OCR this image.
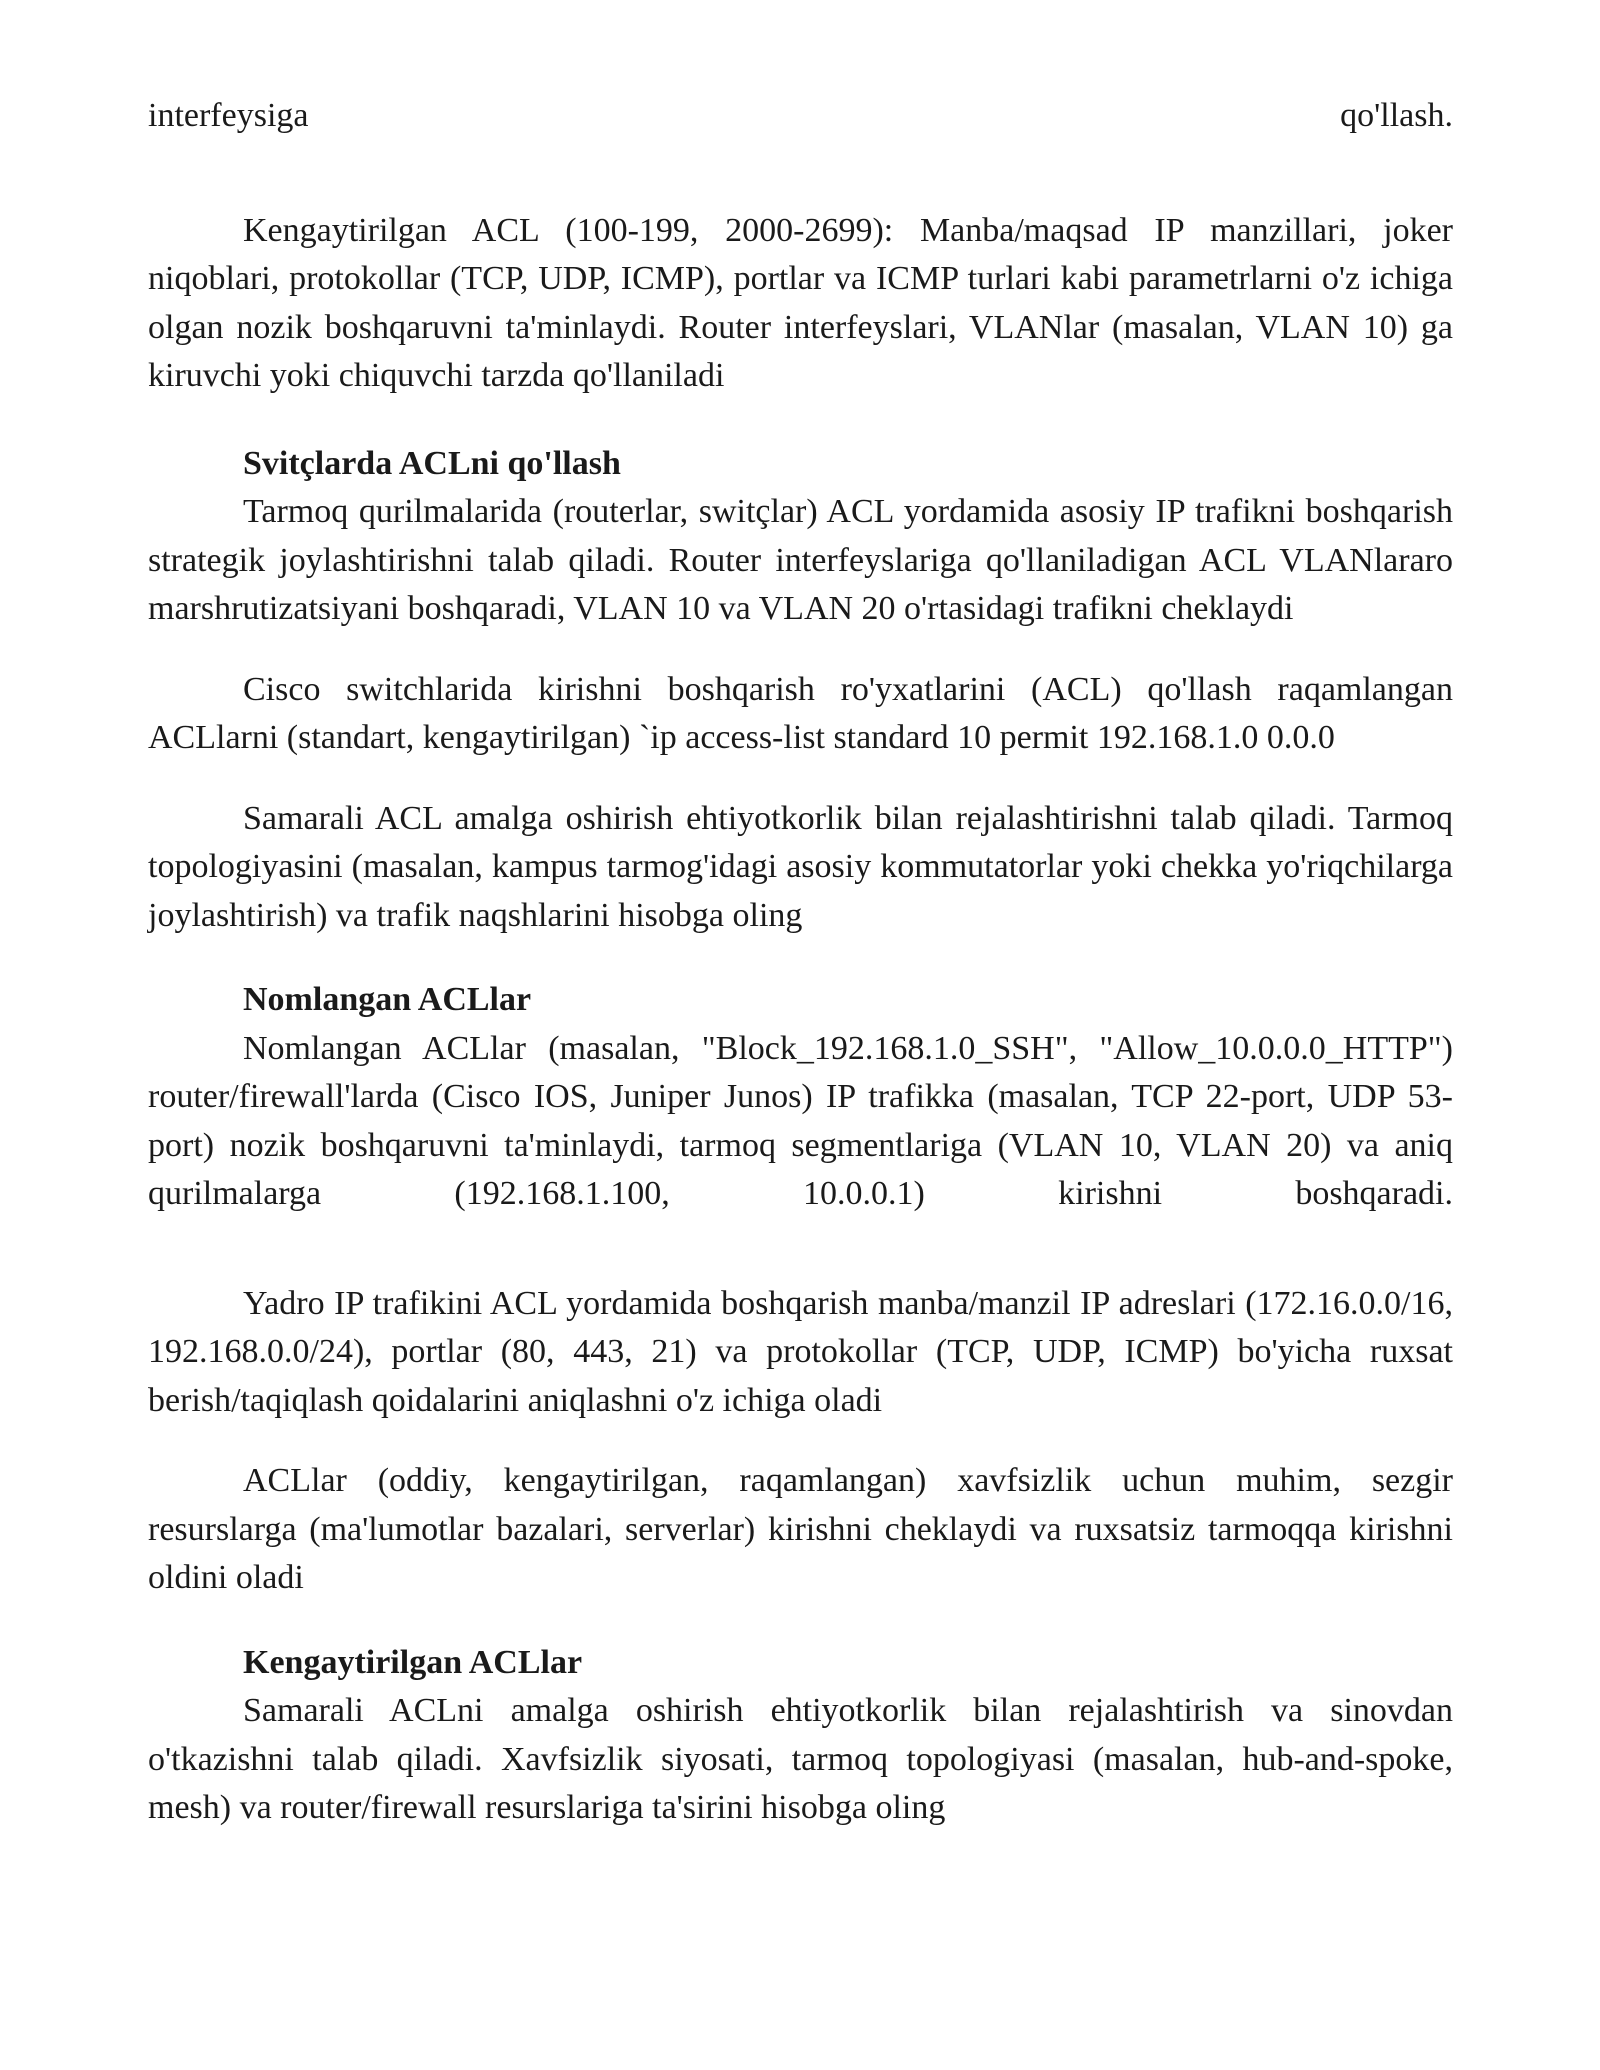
interfeysiga	qo'llash.

Kengaytirilgan ACL (100-199, 2000-2699): Manba/maqsad IP manzillari, joker niqoblari, protokollar (TCP, UDP, ICMP), portlar va ICMP turlari kabi parametrlarni o'z ichiga olgan nozik boshqaruvni ta'minlaydi. Router interfeyslari, VLANlar (masalan, VLAN 10) ga kiruvchi yoki chiquvchi tarzda qo'llaniladi

Svitçlarda ACLni qo'llash

Tarmoq qurilmalarida (routerlar, switçlar) ACL yordamida asosiy IP trafikni boshqarish strategik joylashtirishni talab qiladi. Router interfeyslariga qo'llaniladigan ACL VLANlararo marshrutizatsiyani boshqaradi, VLAN 10 va VLAN 20 o'rtasidagi trafikni cheklaydi

Cisco switchlarida kirishni boshqarish ro'yxatlarini (ACL) qo'llash raqamlangan ACLlarni (standart, kengaytirilgan) `ip access-list standard 10 permit 192.168.1.0 0.0.0

Samarali ACL amalga oshirish ehtiyotkorlik bilan rejalashtirishni talab qiladi. Tarmoq topologiyasini (masalan, kampus tarmog'idagi asosiy kommutatorlar yoki chekka yo'riqchilarga joylashtirish) va trafik naqshlarini hisobga oling

Nomlangan ACLlar

Nomlangan ACLlar (masalan, "Block_192.168.1.0_SSH", "Allow_10.0.0.0_HTTP") router/firewall'larda (Cisco IOS, Juniper Junos) IP trafikka (masalan, TCP 22-port, UDP 53-port) nozik boshqaruvni ta'minlaydi, tarmoq segmentlariga (VLAN 10, VLAN 20) va aniq qurilmalarga (192.168.1.100, 10.0.0.1) kirishni boshqaradi.

Yadro IP trafikini ACL yordamida boshqarish manba/manzil IP adreslari (172.16.0.0/16, 192.168.0.0/24), portlar (80, 443, 21) va protokollar (TCP, UDP, ICMP) bo'yicha ruxsat berish/taqiqlash qoidalarini aniqlashni o'z ichiga oladi

ACLlar (oddiy, kengaytirilgan, raqamlangan) xavfsizlik uchun muhim, sezgir resurslarga (ma'lumotlar bazalari, serverlar) kirishni cheklaydi va ruxsatsiz tarmoqqa kirishni oldini oladi

Kengaytirilgan ACLlar

Samarali ACLni amalga oshirish ehtiyotkorlik bilan rejalashtirish va sinovdan o'tkazishni talab qiladi. Xavfsizlik siyosati, tarmoq topologiyasi (masalan, hub-and-spoke, mesh) va router/firewall resurslariga ta'sirini hisobga oling
